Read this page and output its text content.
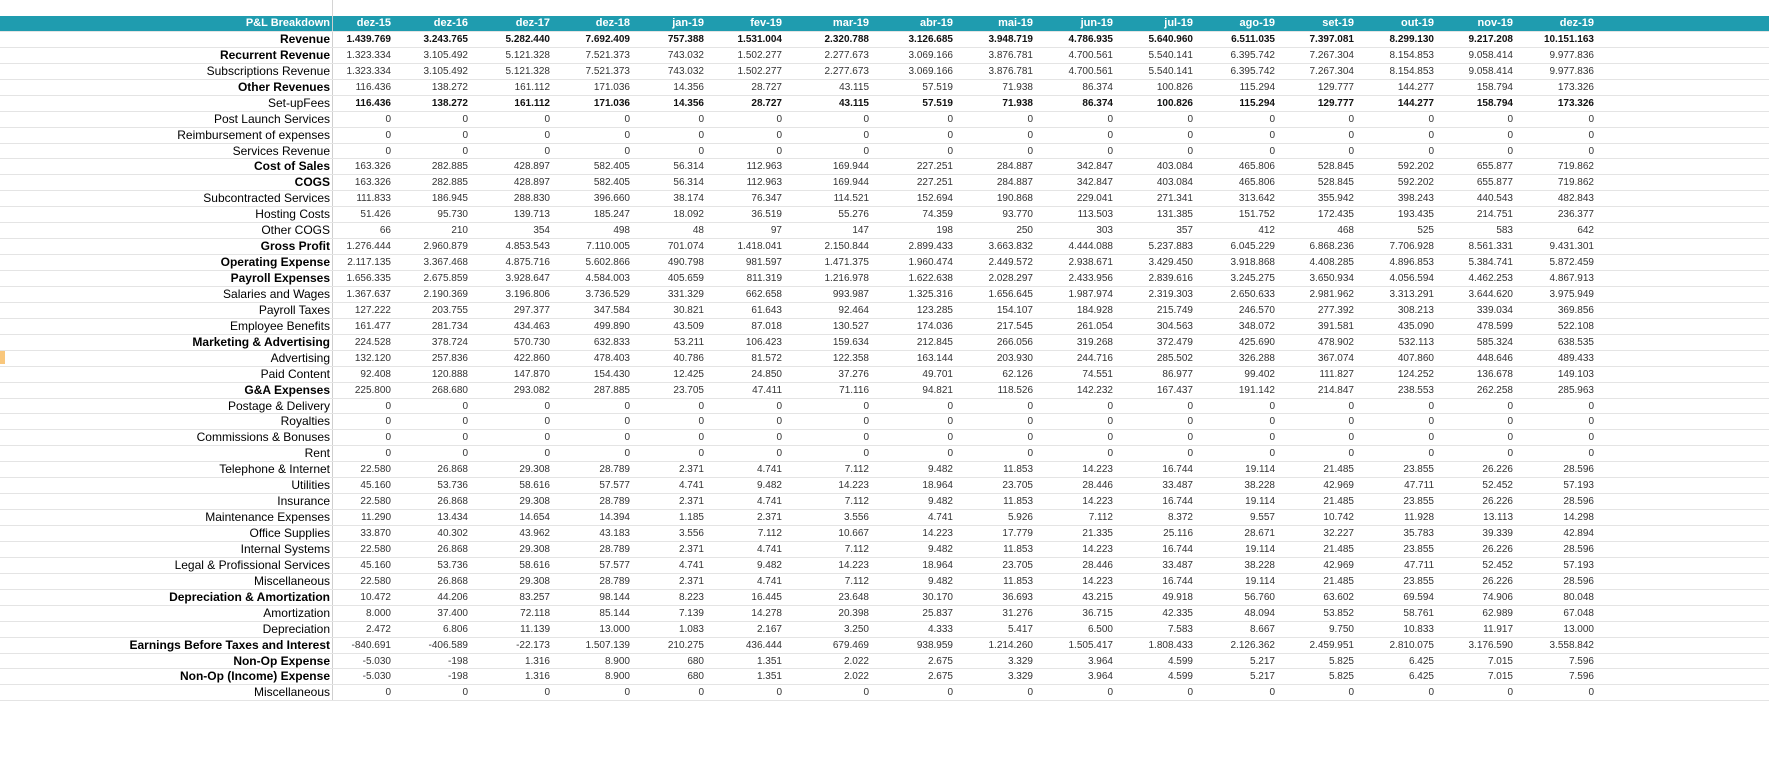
P&L Breakdown	dez-15	dez-16	dez-17	dez-18	jan-19	fev-19	mar-19	abr-19	mai-19	jun-19	jul-19	ago-19	set-19	out-19	nov-19	dez-19
Revenue	1.439.769	3.243.765	5.282.440	7.692.409	757.388	1.531.004	2.320.788	3.126.685	3.948.719	4.786.935	5.640.960	6.511.035	7.397.081	8.299.130	9.217.208	10.151.163
Recurrent Revenue	1.323.334	3.105.492	5.121.328	7.521.373	743.032	1.502.277	2.277.673	3.069.166	3.876.781	4.700.561	5.540.141	6.395.742	7.267.304	8.154.853	9.058.414	9.977.836
Subscriptions Revenue	1.323.334	3.105.492	5.121.328	7.521.373	743.032	1.502.277	2.277.673	3.069.166	3.876.781	4.700.561	5.540.141	6.395.742	7.267.304	8.154.853	9.058.414	9.977.836
Other Revenues	116.436	138.272	161.112	171.036	14.356	28.727	43.115	57.519	71.938	86.374	100.826	115.294	129.777	144.277	158.794	173.326
Set-upFees	116.436	138.272	161.112	171.036	14.356	28.727	43.115	57.519	71.938	86.374	100.826	115.294	129.777	144.277	158.794	173.326
Post Launch Services	0	0	0	0	0	0	0	0	0	0	0	0	0	0	0	0
Reimbursement of expenses	0	0	0	0	0	0	0	0	0	0	0	0	0	0	0	0
Services Revenue	0	0	0	0	0	0	0	0	0	0	0	0	0	0	0	0
Cost of Sales	163.326	282.885	428.897	582.405	56.314	112.963	169.944	227.251	284.887	342.847	403.084	465.806	528.845	592.202	655.877	719.862
COGS	163.326	282.885	428.897	582.405	56.314	112.963	169.944	227.251	284.887	342.847	403.084	465.806	528.845	592.202	655.877	719.862
Subcontracted Services	111.833	186.945	288.830	396.660	38.174	76.347	114.521	152.694	190.868	229.041	271.341	313.642	355.942	398.243	440.543	482.843
Hosting Costs	51.426	95.730	139.713	185.247	18.092	36.519	55.276	74.359	93.770	113.503	131.385	151.752	172.435	193.435	214.751	236.377
Other COGS	66	210	354	498	48	97	147	198	250	303	357	412	468	525	583	642
Gross Profit	1.276.444	2.960.879	4.853.543	7.110.005	701.074	1.418.041	2.150.844	2.899.433	3.663.832	4.444.088	5.237.883	6.045.229	6.868.236	7.706.928	8.561.331	9.431.301
Operating Expense	2.117.135	3.367.468	4.875.716	5.602.866	490.798	981.597	1.471.375	1.960.474	2.449.572	2.938.671	3.429.450	3.918.868	4.408.285	4.896.853	5.384.741	5.872.459
Payroll Expenses	1.656.335	2.675.859	3.928.647	4.584.003	405.659	811.319	1.216.978	1.622.638	2.028.297	2.433.956	2.839.616	3.245.275	3.650.934	4.056.594	4.462.253	4.867.913
Salaries and Wages	1.367.637	2.190.369	3.196.806	3.736.529	331.329	662.658	993.987	1.325.316	1.656.645	1.987.974	2.319.303	2.650.633	2.981.962	3.313.291	3.644.620	3.975.949
Payroll Taxes	127.222	203.755	297.377	347.584	30.821	61.643	92.464	123.285	154.107	184.928	215.749	246.570	277.392	308.213	339.034	369.856
Employee Benefits	161.477	281.734	434.463	499.890	43.509	87.018	130.527	174.036	217.545	261.054	304.563	348.072	391.581	435.090	478.599	522.108
Marketing & Advertising	224.528	378.724	570.730	632.833	53.211	106.423	159.634	212.845	266.056	319.268	372.479	425.690	478.902	532.113	585.324	638.535
Advertising	132.120	257.836	422.860	478.403	40.786	81.572	122.358	163.144	203.930	244.716	285.502	326.288	367.074	407.860	448.646	489.433
Paid Content	92.408	120.888	147.870	154.430	12.425	24.850	37.276	49.701	62.126	74.551	86.977	99.402	111.827	124.252	136.678	149.103
G&A Expenses	225.800	268.680	293.082	287.885	23.705	47.411	71.116	94.821	118.526	142.232	167.437	191.142	214.847	238.553	262.258	285.963
Postage & Delivery	0	0	0	0	0	0	0	0	0	0	0	0	0	0	0	0
Royalties	0	0	0	0	0	0	0	0	0	0	0	0	0	0	0	0
Commissions & Bonuses	0	0	0	0	0	0	0	0	0	0	0	0	0	0	0	0
Rent	0	0	0	0	0	0	0	0	0	0	0	0	0	0	0	0
Telephone & Internet	22.580	26.868	29.308	28.789	2.371	4.741	7.112	9.482	11.853	14.223	16.744	19.114	21.485	23.855	26.226	28.596
Utilities	45.160	53.736	58.616	57.577	4.741	9.482	14.223	18.964	23.705	28.446	33.487	38.228	42.969	47.711	52.452	57.193
Insurance	22.580	26.868	29.308	28.789	2.371	4.741	7.112	9.482	11.853	14.223	16.744	19.114	21.485	23.855	26.226	28.596
Maintenance Expenses	11.290	13.434	14.654	14.394	1.185	2.371	3.556	4.741	5.926	7.112	8.372	9.557	10.742	11.928	13.113	14.298
Office Supplies	33.870	40.302	43.962	43.183	3.556	7.112	10.667	14.223	17.779	21.335	25.116	28.671	32.227	35.783	39.339	42.894
Internal Systems	22.580	26.868	29.308	28.789	2.371	4.741	7.112	9.482	11.853	14.223	16.744	19.114	21.485	23.855	26.226	28.596
Legal & Profissional Services	45.160	53.736	58.616	57.577	4.741	9.482	14.223	18.964	23.705	28.446	33.487	38.228	42.969	47.711	52.452	57.193
Miscellaneous	22.580	26.868	29.308	28.789	2.371	4.741	7.112	9.482	11.853	14.223	16.744	19.114	21.485	23.855	26.226	28.596
Depreciation & Amortization	10.472	44.206	83.257	98.144	8.223	16.445	23.648	30.170	36.693	43.215	49.918	56.760	63.602	69.594	74.906	80.048
Amortization	8.000	37.400	72.118	85.144	7.139	14.278	20.398	25.837	31.276	36.715	42.335	48.094	53.852	58.761	62.989	67.048
Depreciation	2.472	6.806	11.139	13.000	1.083	2.167	3.250	4.333	5.417	6.500	7.583	8.667	9.750	10.833	11.917	13.000
Earnings Before Taxes and Interest	-840.691	-406.589	-22.173	1.507.139	210.275	436.444	679.469	938.959	1.214.260	1.505.417	1.808.433	2.126.362	2.459.951	2.810.075	3.176.590	3.558.842
Non-Op Expense	-5.030	-198	1.316	8.900	680	1.351	2.022	2.675	3.329	3.964	4.599	5.217	5.825	6.425	7.015	7.596
Non-Op (Income) Expense	-5.030	-198	1.316	8.900	680	1.351	2.022	2.675	3.329	3.964	4.599	5.217	5.825	6.425	7.015	7.596
Miscellaneous	0	0	0	0	0	0	0	0	0	0	0	0	0	0	0	0
